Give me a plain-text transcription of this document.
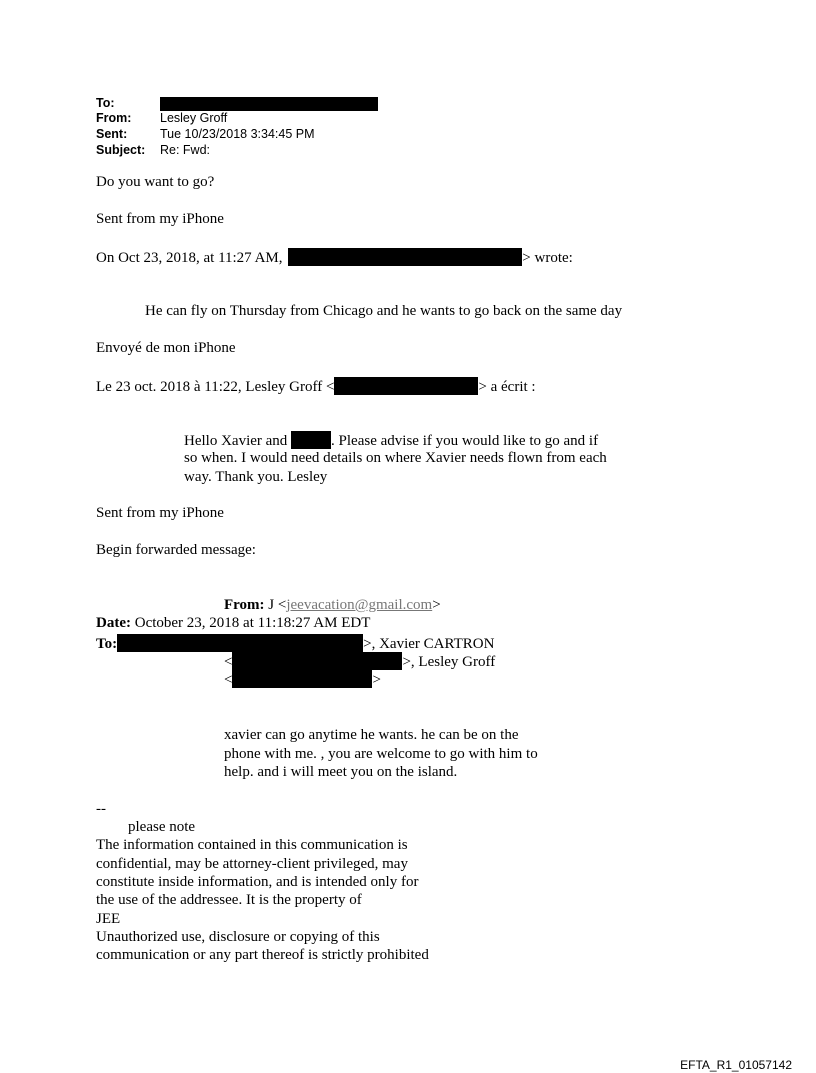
To:
From: Lesley Groff
Sent:	Tue 10/23/2018 3:34:45 PM
Subject: Re: Fwd:
Do you want to go?
Sent from my iPhone
On Oct 23, 2018, at 11:27 AM,	> wrote:
He can fly on Thursday from Chicago and he wants to go back on the same day
Envoyé de mon iPhone
Le 23 oct. 2018 à 11:22, Lesley Groff <	> a écrit :
Hello Xavier and	. Please advise if you would like to go and if
so when. I would need details on where Xavier needs flown from each
way. Thank you. Lesley
Sent from my iPhone
Begin forwarded message:
From: J <jeevacation@gmail.com>
Date: October 23, 2018 at 11:18:27 AM EDT
To:	>, Xavier CARTRON
<	>, Lesley Groff
<	>
xavier can go anytime he wants. he can be on the
phone with me. , you are welcome to go with him to
help. and i will meet you on the island.
--
please note
The information contained in this communication is
confidential, may be attorney-client privileged, may
constitute inside information, and is intended only for
the use of the addressee. It is the property of
JEE
Unauthorized use, disclosure or copying of this
communication or any part thereof is strictly prohibited
EFTA_R1_01057142
